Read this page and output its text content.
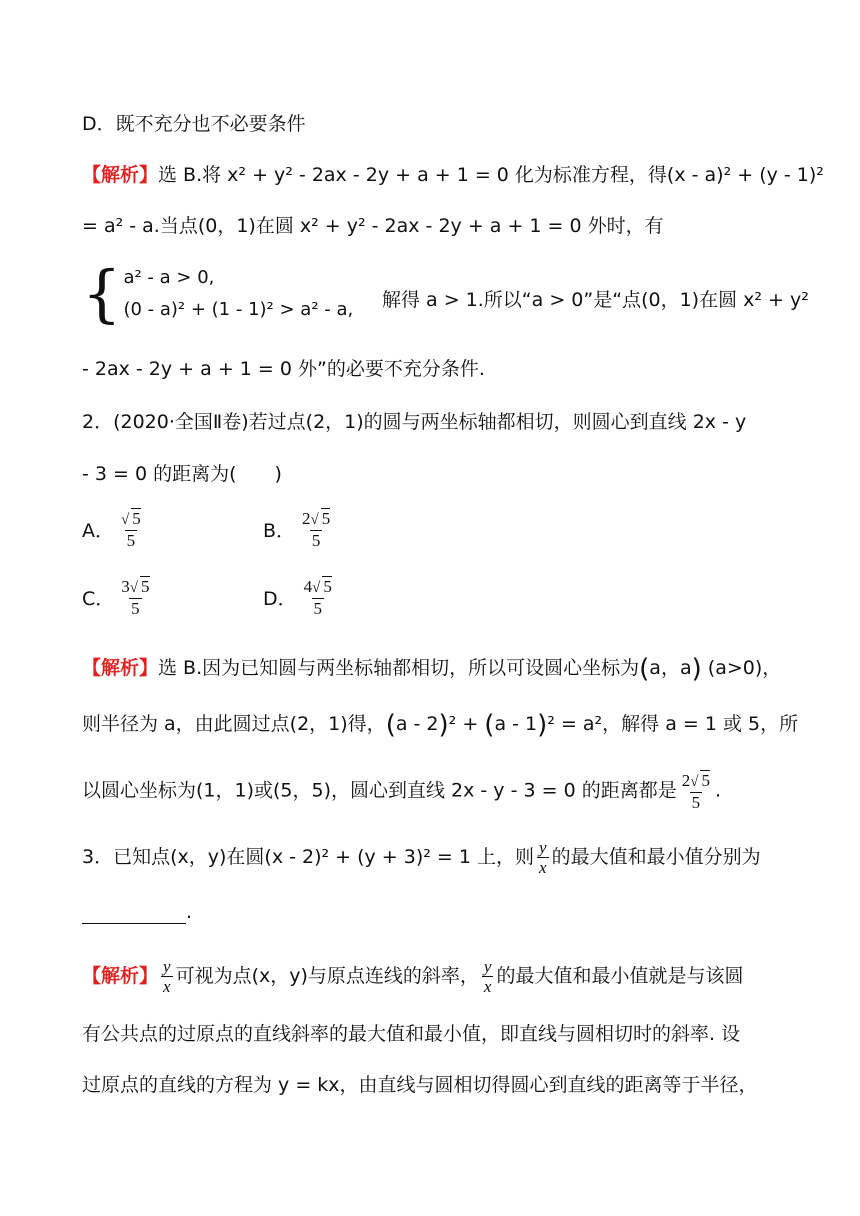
D．既不充分也不必要条件
【解析】选 B.将 x² + y² - 2ax - 2y + a + 1 = 0 化为标准方程，得(x - a)² + (y - 1)²
= a² - a.当点(0，1)在圆 x² + y² - 2ax - 2y + a + 1 = 0 外时，有
{ a² - a > 0,
(0 - a)² + (1 - 1)² > a² - a, 解得 a > 1.所以“a > 0”是“点(0，1)在圆 x² + y²
- 2ax - 2y + a + 1 = 0 外”的必要不充分条件.
2．(2020·全国Ⅱ卷)若过点(2，1)的圆与两坐标轴都相切，则圆心到直线 2x - y
- 3 = 0 的距离为(　　)
A． $\frac{√ 5}{5}$	B． $\frac{2√ 5}{5}$
C． $\frac{3√ 5}{5}$	D． $\frac{4√ 5}{5}$
【解析】选 B.因为已知圆与两坐标轴都相切，所以可设圆心坐标为(a，a) (a>0)，
则半径为 a，由此圆过点(2，1)得，(a - 2)² + (a - 1)² = a²，解得 a = 1 或 5，所
以圆心坐标为(1，1)或(5，5)，圆心到直线 2x - y - 3 = 0 的距离都是 $\frac{2√ 5}{5}$ .
3．已知点(x，y)在圆(x - 2)² + (y + 3)² = 1 上，则 $\frac{y}{x}$ 的最大值和最小值分别为
.
【解析】 $\frac{y}{x}$ 可视为点(x，y)与原点连线的斜率， $\frac{y}{x}$ 的最大值和最小值就是与该圆
有公共点的过原点的直线斜率的最大值和最小值，即直线与圆相切时的斜率. 设
过原点的直线的方程为 y = kx，由直线与圆相切得圆心到直线的距离等于半径，
